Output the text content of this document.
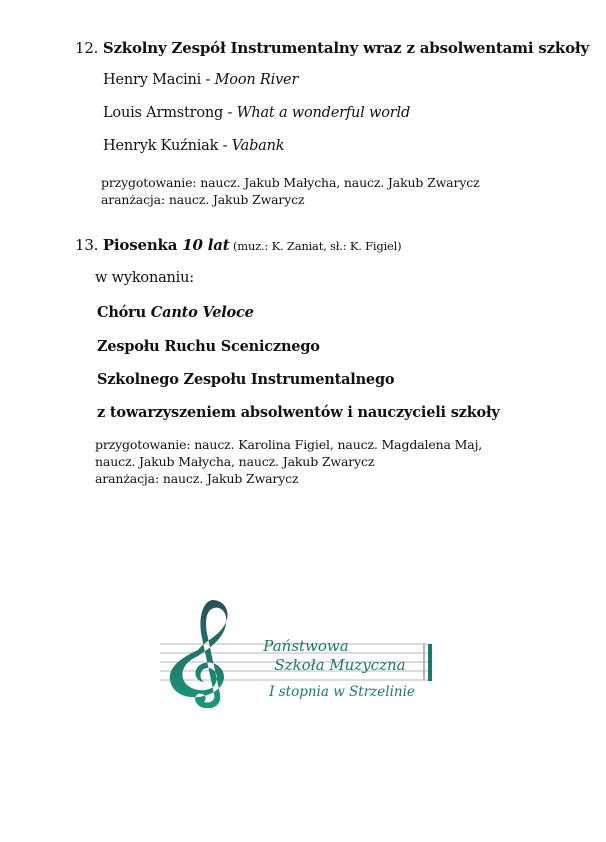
12. Szkolny Zespół Instrumentalny wraz z absolwentami szkoły
Henry Macini - Moon River
Louis Armstrong - What a wonderful world
Henryk Kuźniak - Vabank
przygotowanie: naucz. Jakub Małycha, naucz. Jakub Zwarycz
aranżacja: naucz. Jakub Zwarycz
13. Piosenka 10 lat (muz.: K. Zaniat, sł.: K. Figiel)
w wykonaniu:
Chóru Canto Veloce
Zespołu Ruchu Scenicznego
Szkolnego Zespołu Instrumentalnego
z towarzyszeniem absolwentów i nauczycieli szkoły
przygotowanie: naucz. Karolina Figiel, naucz. Magdalena Maj,
naucz. Jakub Małycha, naucz. Jakub Zwarycz
aranżacja: naucz. Jakub Zwarycz
Państwowa
Szkoła Muzyczna
I stopnia w Strzelinie
